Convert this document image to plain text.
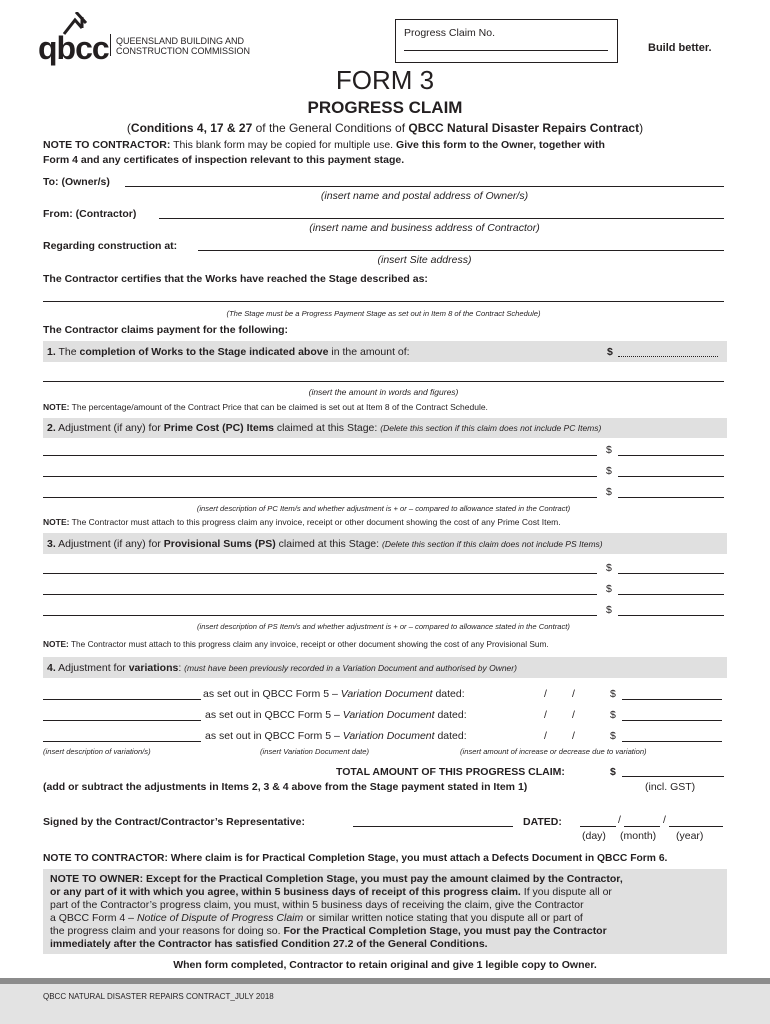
qbcc QUEENSLAND BUILDING AND
CONSTRUCTION COMMISSION
Progress Claim No.
Build better.
FORM 3
PROGRESS CLAIM
(Conditions 4, 17 & 27 of the General Conditions of QBCC Natural Disaster Repairs Contract)
NOTE TO CONTRACTOR: This blank form may be copied for multiple use. Give this form to the Owner, together with
Form 4 and any certificates of inspection relevant to this payment stage.
To: (Owner/s)
(insert name and postal address of Owner/s)
From: (Contractor)
(insert name and business address of Contractor)
Regarding construction at:
(insert Site address)
The Contractor certifies that the Works have reached the Stage described as:
(The Stage must be a Progress Payment Stage as set out in Item 8 of the Contract Schedule)
The Contractor claims payment for the following:
1. The completion of Works to the Stage indicated above in the amount of:	$
(insert the amount in words and figures)
NOTE: The percentage/amount of the Contract Price that can be claimed is set out at Item 8 of the Contract Schedule.
2. Adjustment (if any) for Prime Cost (PC) Items claimed at this Stage: (Delete this section if this claim does not include PC Items)
$
$
$
(insert description of PC Item/s and whether adjustment is + or – compared to allowance stated in the Contract)
NOTE: The Contractor must attach to this progress claim any invoice, receipt or other document showing the cost of any Prime Cost Item.
3. Adjustment (if any) for Provisional Sums (PS) claimed at this Stage: (Delete this section if this claim does not include PS Items)
$
$
$
(insert description of PS Item/s and whether adjustment is + or – compared to allowance stated in the Contract)
NOTE: The Contractor must attach to this progress claim any invoice, receipt or other document showing the cost of any Provisional Sum.
4. Adjustment for variations: (must have been previously recorded in a Variation Document and authorised by Owner)
as set out in QBCC Form 5 – Variation Document dated:	/ /	$
as set out in QBCC Form 5 – Variation Document dated:	/ /	$
as set out in QBCC Form 5 – Variation Document dated:	/ /	$
(insert description of variation/s)	(insert Variation Document date)	(insert amount of increase or decrease due to variation)
TOTAL AMOUNT OF THIS PROGRESS CLAIM:	$
(add or subtract the adjustments in Items 2, 3 & 4 above from the Stage payment stated in Item 1)	(incl. GST)
Signed by the Contract/Contractor’s Representative:	DATED:	/	/
(day) (month) (year)
NOTE TO CONTRACTOR: Where claim is for Practical Completion Stage, you must attach a Defects Document in QBCC Form 6.
NOTE TO OWNER: Except for the Practical Completion Stage, you must pay the amount claimed by the Contractor,
or any part of it with which you agree, within 5 business days of receipt of this progress claim. If you dispute all or
part of the Contractor’s progress claim, you must, within 5 business days of receiving the claim, give the Contractor
a QBCC Form 4 – Notice of Dispute of Progress Claim or similar written notice stating that you dispute all or part of
the progress claim and your reasons for doing so. For the Practical Completion Stage, you must pay the Contractor
immediately after the Contractor has satisfied Condition 27.2 of the General Conditions.
When form completed, Contractor to retain original and give 1 legible copy to Owner.
QBCC NATURAL DISASTER REPAIRS CONTRACT_JULY 2018
